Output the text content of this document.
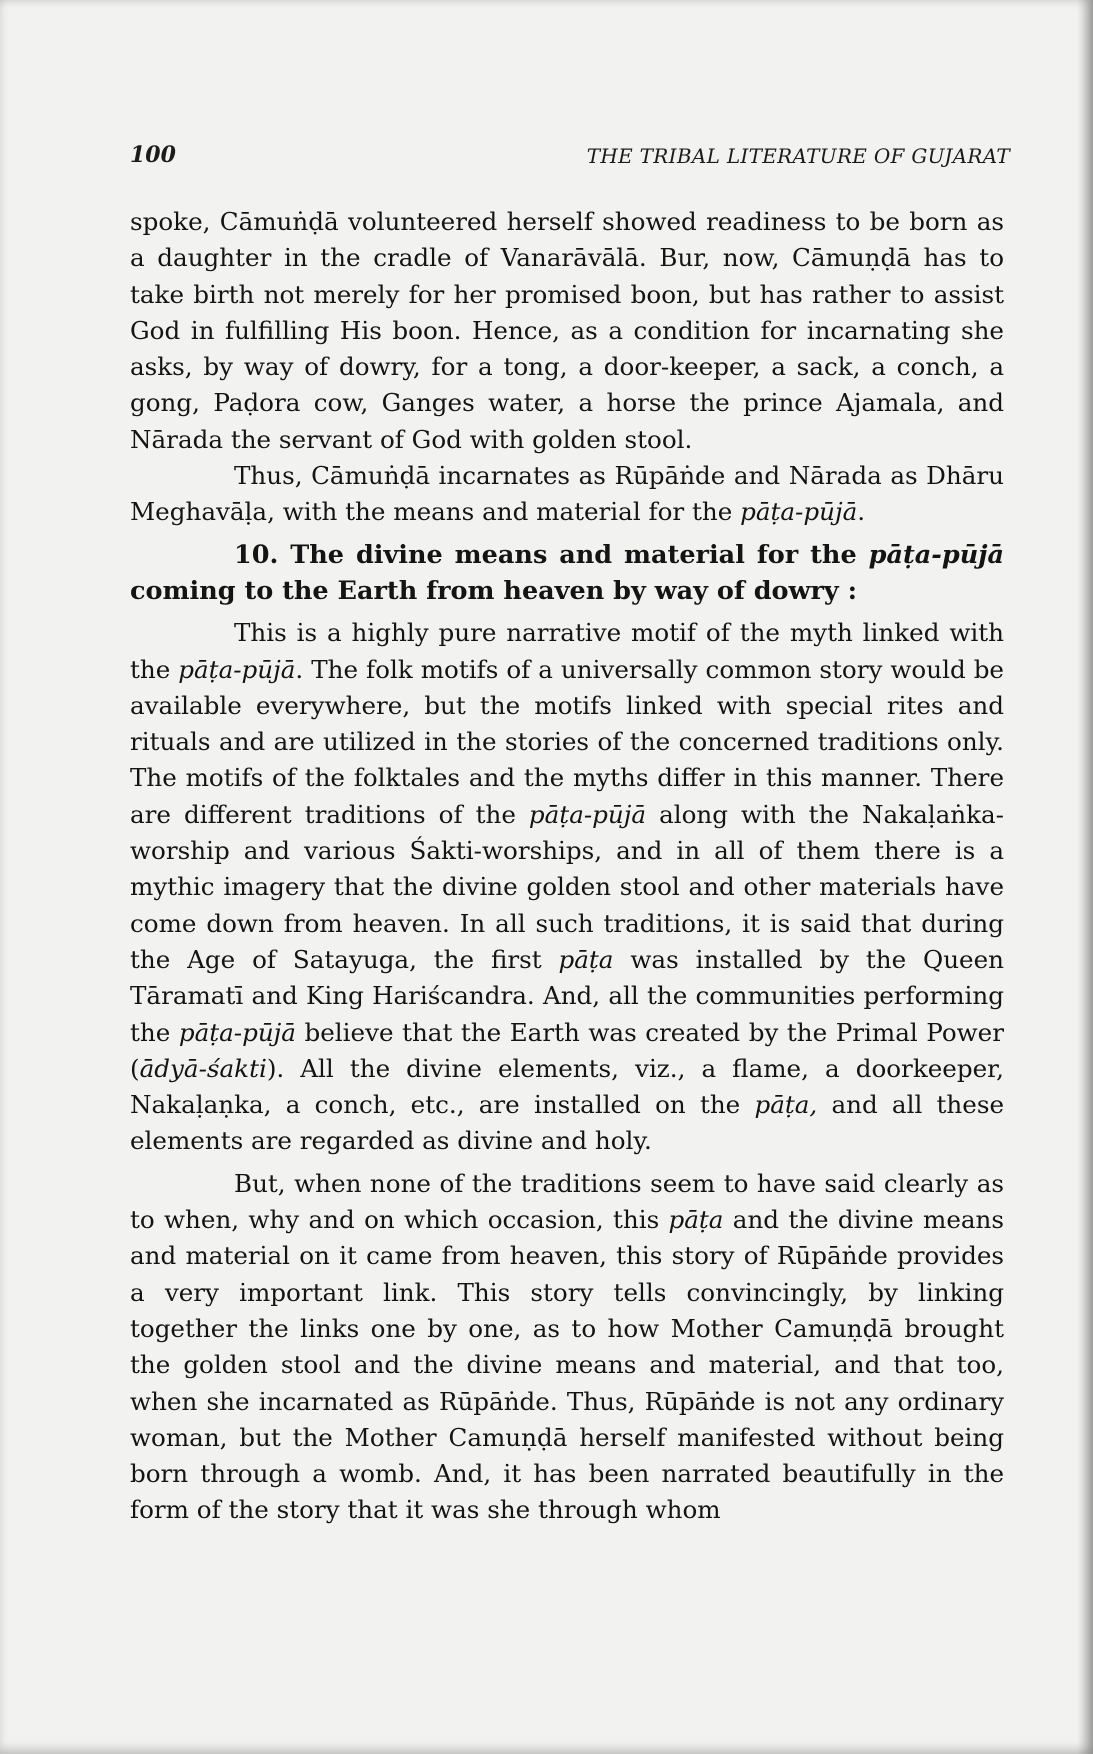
100	THE TRIBAL LITERATURE OF GUJARAT

spoke, Cāmuṅḍā volunteered herself showed readiness to be born as a daughter in the cradle of Vanarāvālā. Bur, now, Cāmuṇḍā has to take birth not merely for her promised boon, but has rather to assist God in fulfilling His boon. Hence, as a condition for incarnating she asks, by way of dowry, for a tong, a door-keeper, a sack, a conch, a gong, Paḍora cow, Ganges water, a horse the prince Ajamala, and Nārada the servant of God with golden stool.

Thus, Cāmuṅḍā incarnates as Rūpāṅde and Nārada as Dhāru Meghavāḷa, with the means and material for the pāṭa-pūjā.

10. The divine means and material for the pāṭa-pūjā coming to the Earth from heaven by way of dowry :

This is a highly pure narrative motif of the myth linked with the pāṭa-pūjā. The folk motifs of a universally common story would be available everywhere, but the motifs linked with special rites and rituals and are utilized in the stories of the concerned traditions only. The motifs of the folktales and the myths differ in this manner. There are different traditions of the pāṭa-pūjā along with the Nakaḷaṅka-worship and various Śakti-worships, and in all of them there is a mythic imagery that the divine golden stool and other materials have come down from heaven. In all such traditions, it is said that during the Age of Satayuga, the first pāṭa was installed by the Queen Tāramatī and King Hariścandra. And, all the communities performing the pāṭa-pūjā believe that the Earth was created by the Primal Power (ādyā-śakti). All the divine elements, viz., a flame, a doorkeeper, Nakaḷaṇka, a conch, etc., are installed on the pāṭa, and all these elements are regarded as divine and holy.

But, when none of the traditions seem to have said clearly as to when, why and on which occasion, this pāṭa and the divine means and material on it came from heaven, this story of Rūpāṅde provides a very important link. This story tells convincingly, by linking together the links one by one, as to how Mother Camuṇḍā brought the golden stool and the divine means and material, and that too, when she incarnated as Rūpāṅde. Thus, Rūpāṅde is not any ordinary woman, but the Mother Camuṇḍā herself manifested without being born through a womb. And, it has been narrated beautifully in the form of the story that it was she through whom
